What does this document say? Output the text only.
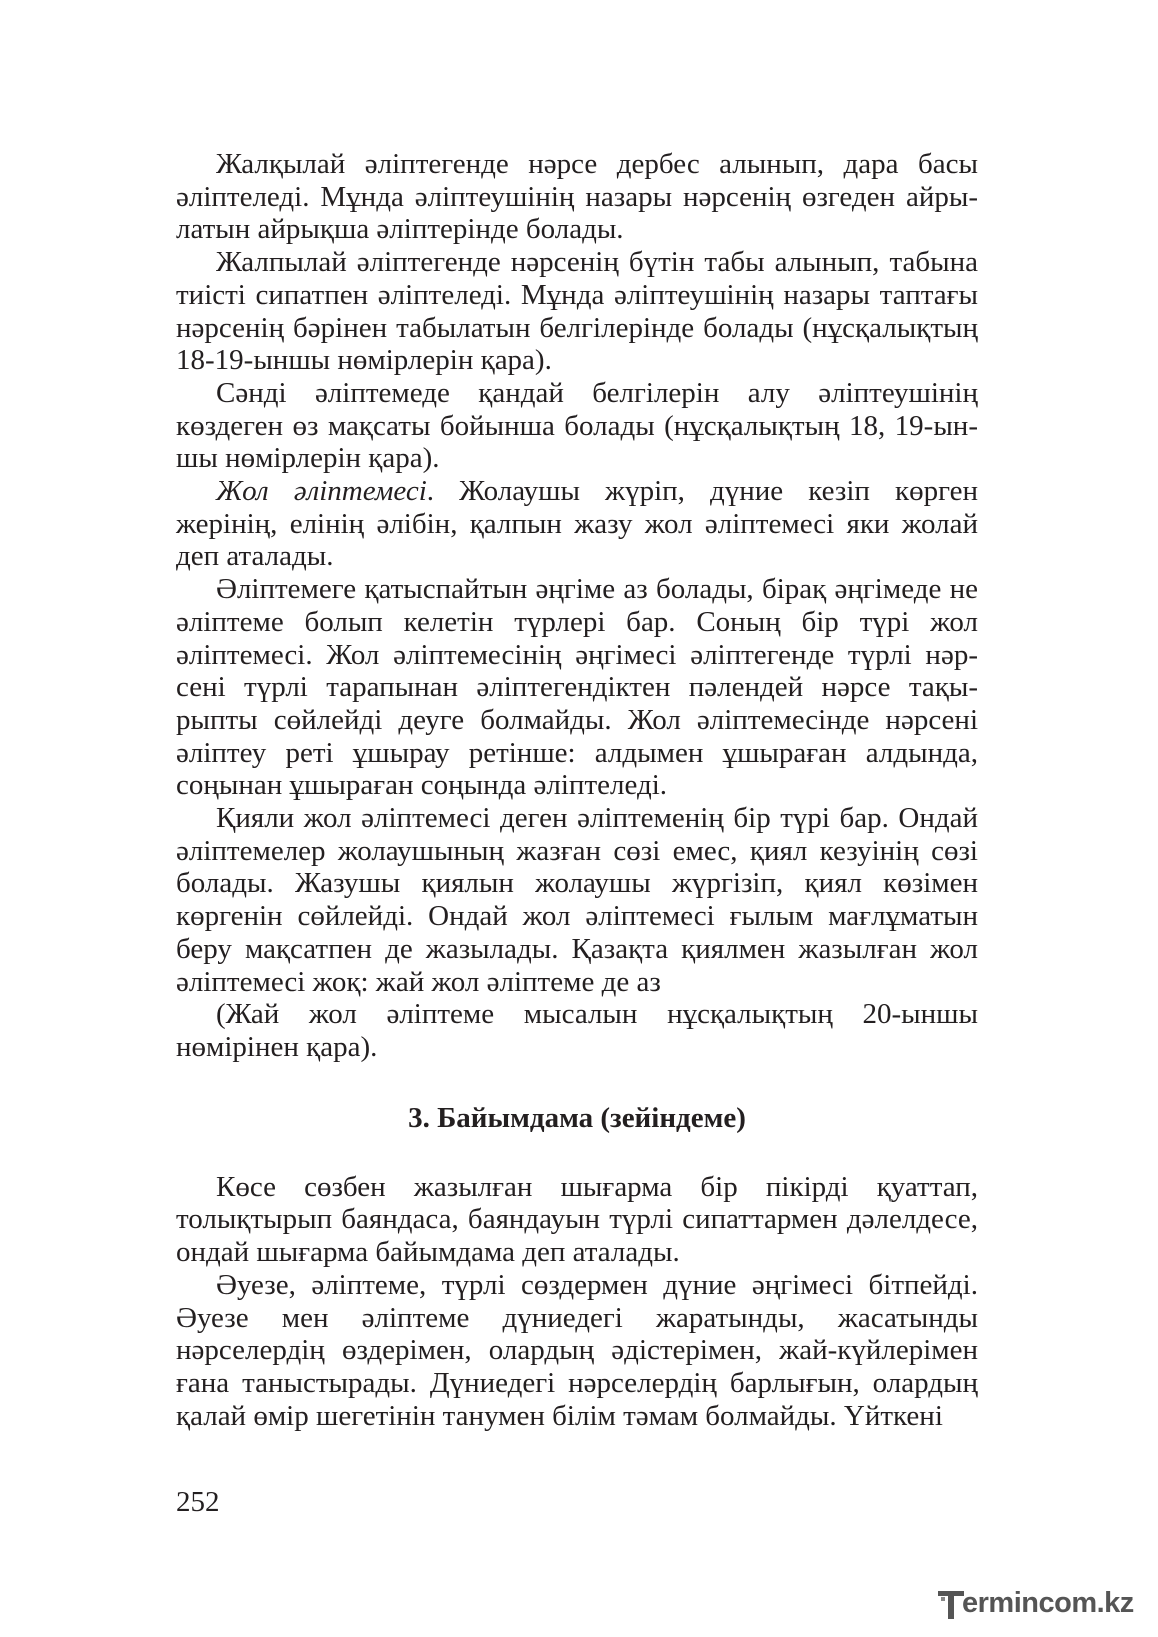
Жалқылай әліптегенде нәрсе дербес алынып, дара басы әліптеледі. Мұнда әліптеушінің назары нәрсенің өзгеден айрылатын айрықша әліптерінде болады.

Жалпылай әліптегенде нәрсенің бүтін табы алынып, табына тиісті сипатпен әліптеледі. Мұнда әліптеушінің назары таптағы нәрсенің бәрінен табылатын белгілерінде болады (нұсқалықтың 18-19-ыншы нөмірлерін қара).

Сәнді әліптемеде қандай белгілерін алу әліптеушінің көздеген өз мақсаты бойынша болады (нұсқалықтың 18, 19-ыншы нөмірлерін қара).

Жол әліптемесі. Жолаушы жүріп, дүние кезіп көрген жерінің, елінің әлібін, қалпын жазу жол әліптемесі яки жолай деп аталады.

Әліптемеге қатыспайтын әңгіме аз болады, бірақ әңгімеде не әліптеме болып келетін түрлері бар. Соның бір түрі жол әліптемесі. Жол әліптемесінің әңгімесі әліптегенде түрлі нәрсені түрлі тарапынан әліптегендіктен пәлендей нәрсе тақырыпты сөйлейді деуге болмайды. Жол әліптемесінде нәрсені әліптеу реті ұшырау ретінше: алдымен ұшыраған алдында, соңынан ұшыраған соңында әліптеледі.

Қияли жол әліптемесі деген әліптеменің бір түрі бар. Ондай әліптемелер жолаушының жазған сөзі емес, қиял кезуінің сөзі болады. Жазушы қиялын жолаушы жүргізіп, қиял көзімен көргенін сөйлейді. Ондай жол әліптемесі ғылым мағлұматын беру мақсатпен де жазылады. Қазақта қиялмен жазылған жол әліптемесі жоқ: жай жол әліптеме де аз

(Жай жол әліптеме мысалын нұсқалықтың 20-ыншы нөмірінен қара).

3. Байымдама (зейіндеме)

Көсе сөзбен жазылған шығарма бір пікірді қуаттап, толықтырып баяндаса, баяндауын түрлі сипаттармен дәлелдесе, ондай шығарма байымдама деп аталады.

Әуезе, әліптеме, түрлі сөздермен дүние әңгімесі бітпейді. Әуезе мен әліптеме дүниедегі жаратынды, жасатынды нәрселердің өздерімен, олардың әдістерімен, жай-күйлерімен ғана таныстырады. Дүниедегі нәрселердің барлығын, олардың қалай өмір шегетінін танумен білім тәмам болмайды. Үйткені

252
ermincom.kz
